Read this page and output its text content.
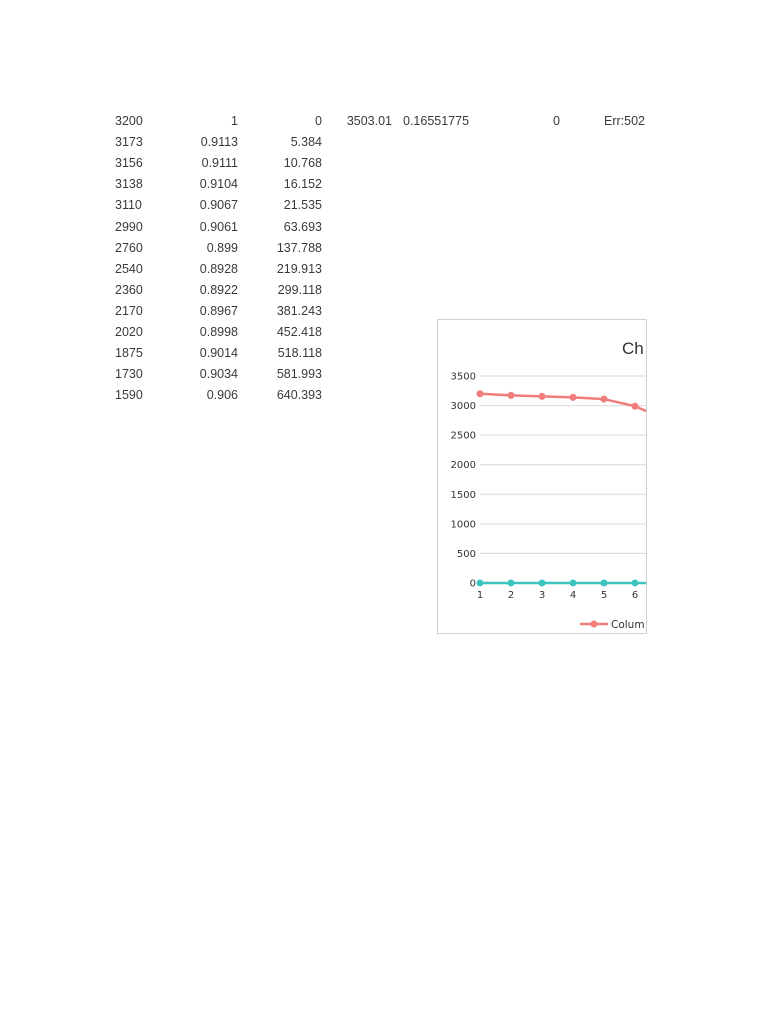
3200	1	0	3503.01 0.16551775	0	Err:502
3173	0.9113	5.384
3156	0.9111	10.768
3138	0.9104	16.152
3110	0.9067	21.535
2990	0.9061	63.693
2760	0.899	137.788
2540	0.8928	219.913
2360	0.8922	299.118
2170	0.8967	381.243
2020	0.8998	452.418
1875	0.9014	518.118
1730	0.9034	581.993
1590	0.906	640.393
Ch
3500
3000
2500
2000
1500
1000
500
0
1 2 3 4 5 6
Colum
